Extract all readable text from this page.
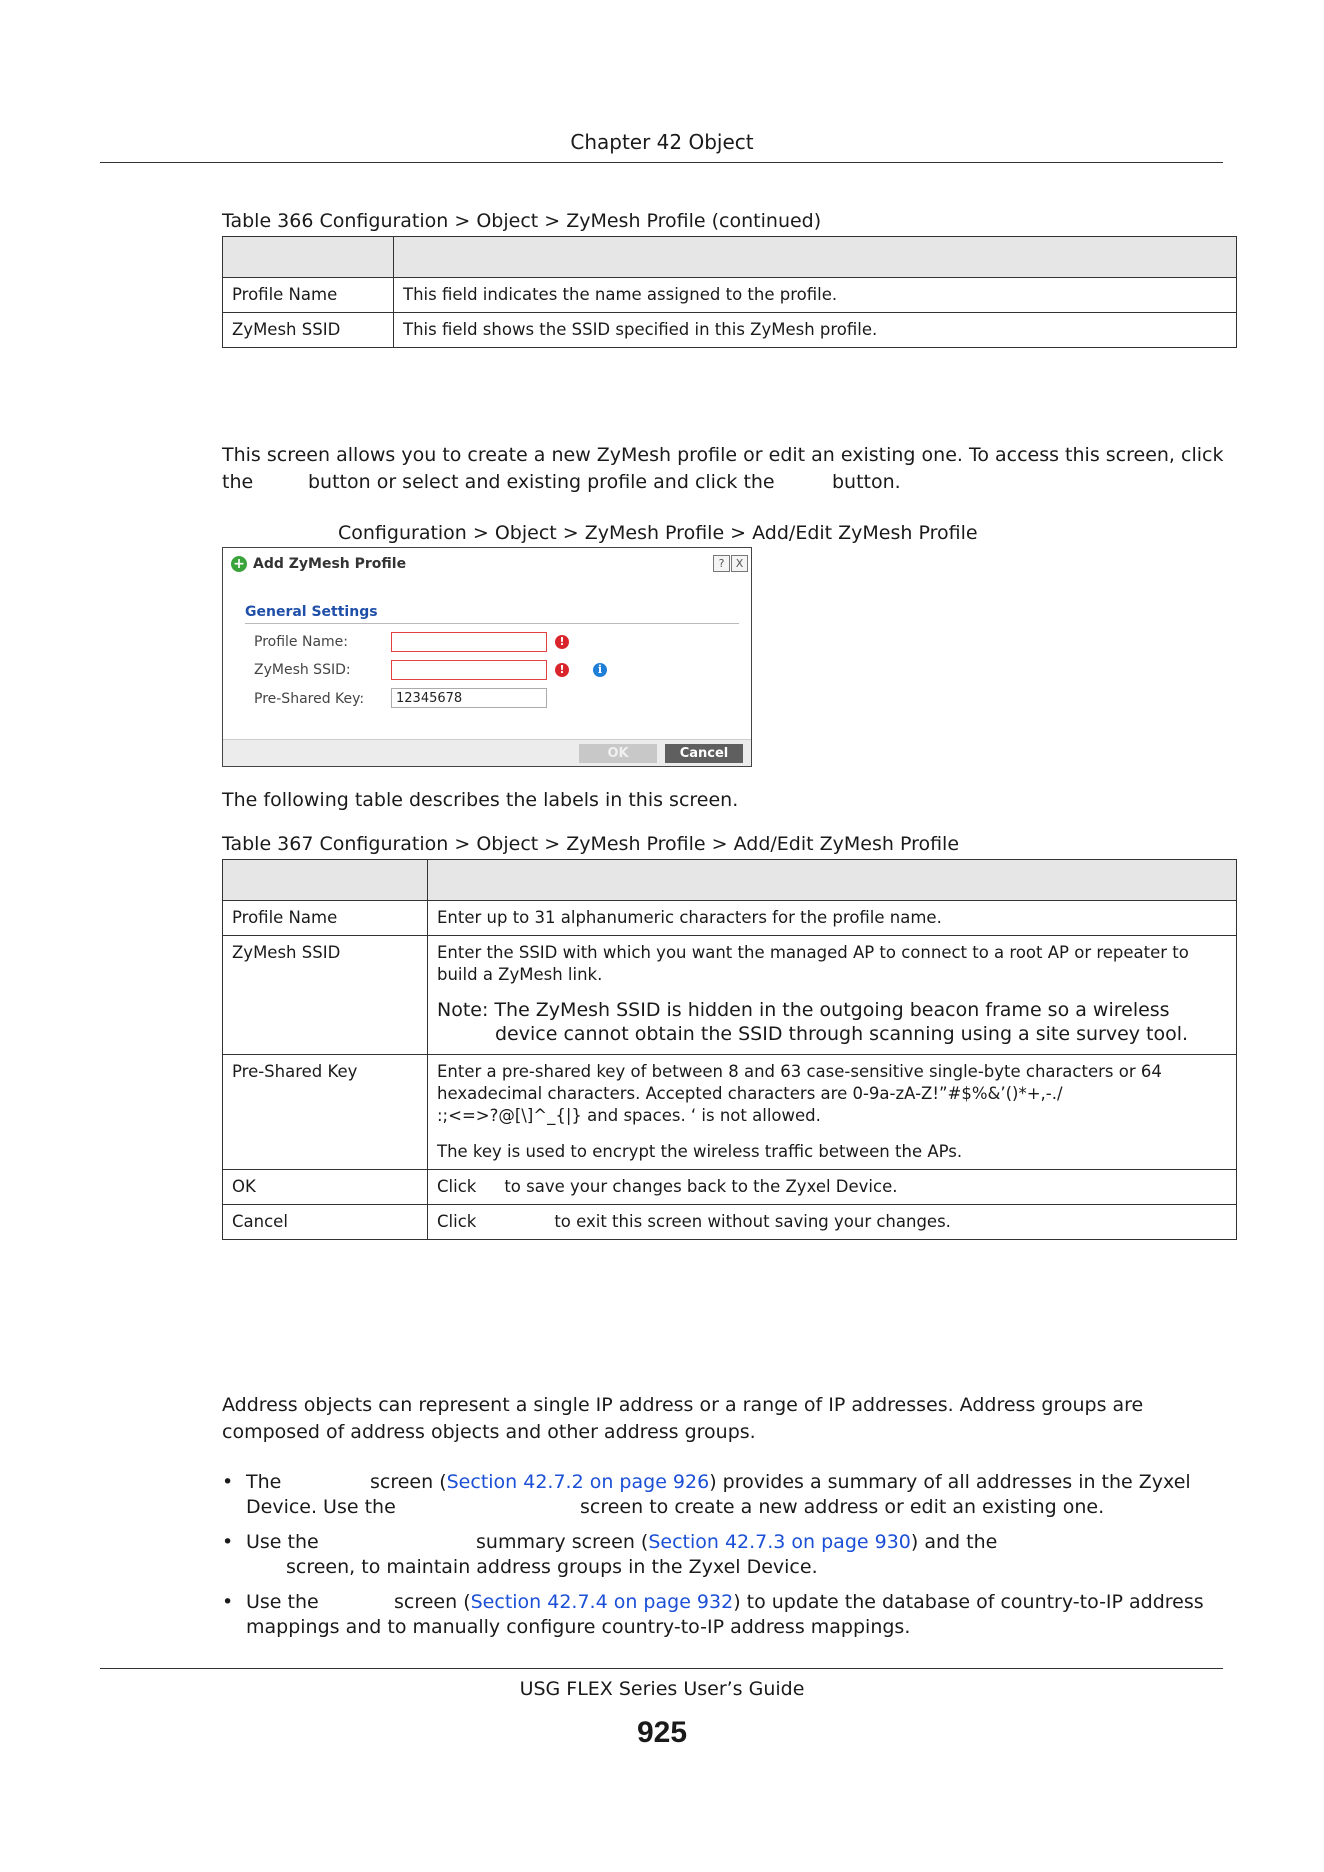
Chapter 42 Object
Table 366 Configuration > Object > ZyMesh Profile (continued)

Profile Name	This field indicates the name assigned to the profile.
ZyMesh SSID	This field shows the SSID specified in this ZyMesh profile.
This screen allows you to create a new ZyMesh profile or edit an existing one. To access this screen, click
the	button or select and existing profile and click the	button.
Configuration > Object > ZyMesh Profile > Add/Edit ZyMesh Profile
+ Add ZyMesh Profile	?	X
General Settings
Profile Name:	!
ZyMesh SSID:	!	i
Pre-Shared Key:	12345678
OK	Cancel
The following table describes the labels in this screen.
Table 367 Configuration > Object > ZyMesh Profile > Add/Edit ZyMesh Profile

Profile Name	Enter up to 31 alphanumeric characters for the profile name.
ZyMesh SSID	Enter the SSID with which you want the managed AP to connect to a root AP or repeater to
build a ZyMesh link.
Note: The ZyMesh SSID is hidden in the outgoing beacon frame so a wireless
device cannot obtain the SSID through scanning using a site survey tool.

Pre-Shared Key	Enter a pre-shared key of between 8 and 63 case-sensitive single-byte characters or 64
hexadecimal characters. Accepted characters are 0-9a-zA-Z!”#$%&’()*+,-./
:;<=>?@[\]^_{|} and spaces. ‘ is not allowed.
The key is used to encrypt the wireless traffic between the APs.

OK	Click to save your changes back to the Zyxel Device.
Cancel	Click to exit this screen without saving your changes.
Address objects can represent a single IP address or a range of IP addresses. Address groups are
composed of address objects and other address groups.
• The	screen (Section 42.7.2 on page 926) provides a summary of all addresses in the Zyxel
Device. Use the	screen to create a new address or edit an existing one.
• Use the	summary screen (Section 42.7.3 on page 930) and the
screen, to maintain address groups in the Zyxel Device.
• Use the	screen (Section 42.7.4 on page 932) to update the database of country-to-IP address
mappings and to manually configure country-to-IP address mappings.
USG FLEX Series User’s Guide
925
